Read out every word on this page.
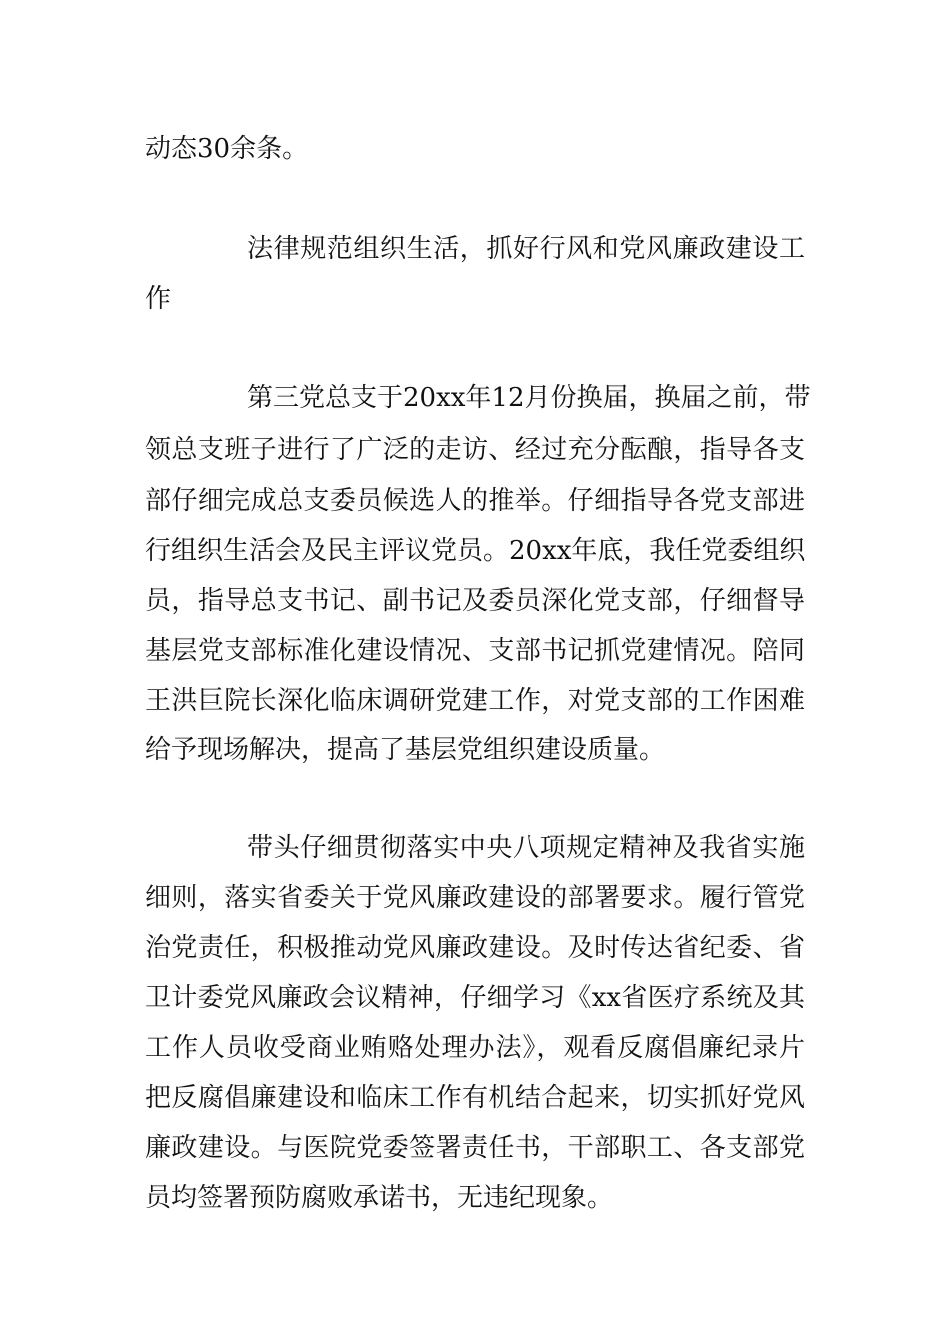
动态30余条。
法律规范组织生活，抓好行风和党风廉政建设工
作
第三党总支于20xx年12月份换届，换届之前，带
领总支班子进行了广泛的走访、经过充分酝酿，指导各支
部仔细完成总支委员候选人的推举。仔细指导各党支部进
行组织生活会及民主评议党员。20xx年底，我任党委组织
员，指导总支书记、副书记及委员深化党支部，仔细督导
基层党支部标准化建设情况、支部书记抓党建情况。陪同
王洪巨院长深化临床调研党建工作，对党支部的工作困难
给予现场解决，提高了基层党组织建设质量。
带头仔细贯彻落实中央八项规定精神及我省实施
细则，落实省委关于党风廉政建设的部署要求。履行管党
治党责任，积极推动党风廉政建设。及时传达省纪委、省
卫计委党风廉政会议精神，仔细学习《xx省医疗系统及其
工作人员收受商业贿赂处理办法》，观看反腐倡廉纪录片
把反腐倡廉建设和临床工作有机结合起来，切实抓好党风
廉政建设。与医院党委签署责任书，干部职工、各支部党
员均签署预防腐败承诺书，无违纪现象。
